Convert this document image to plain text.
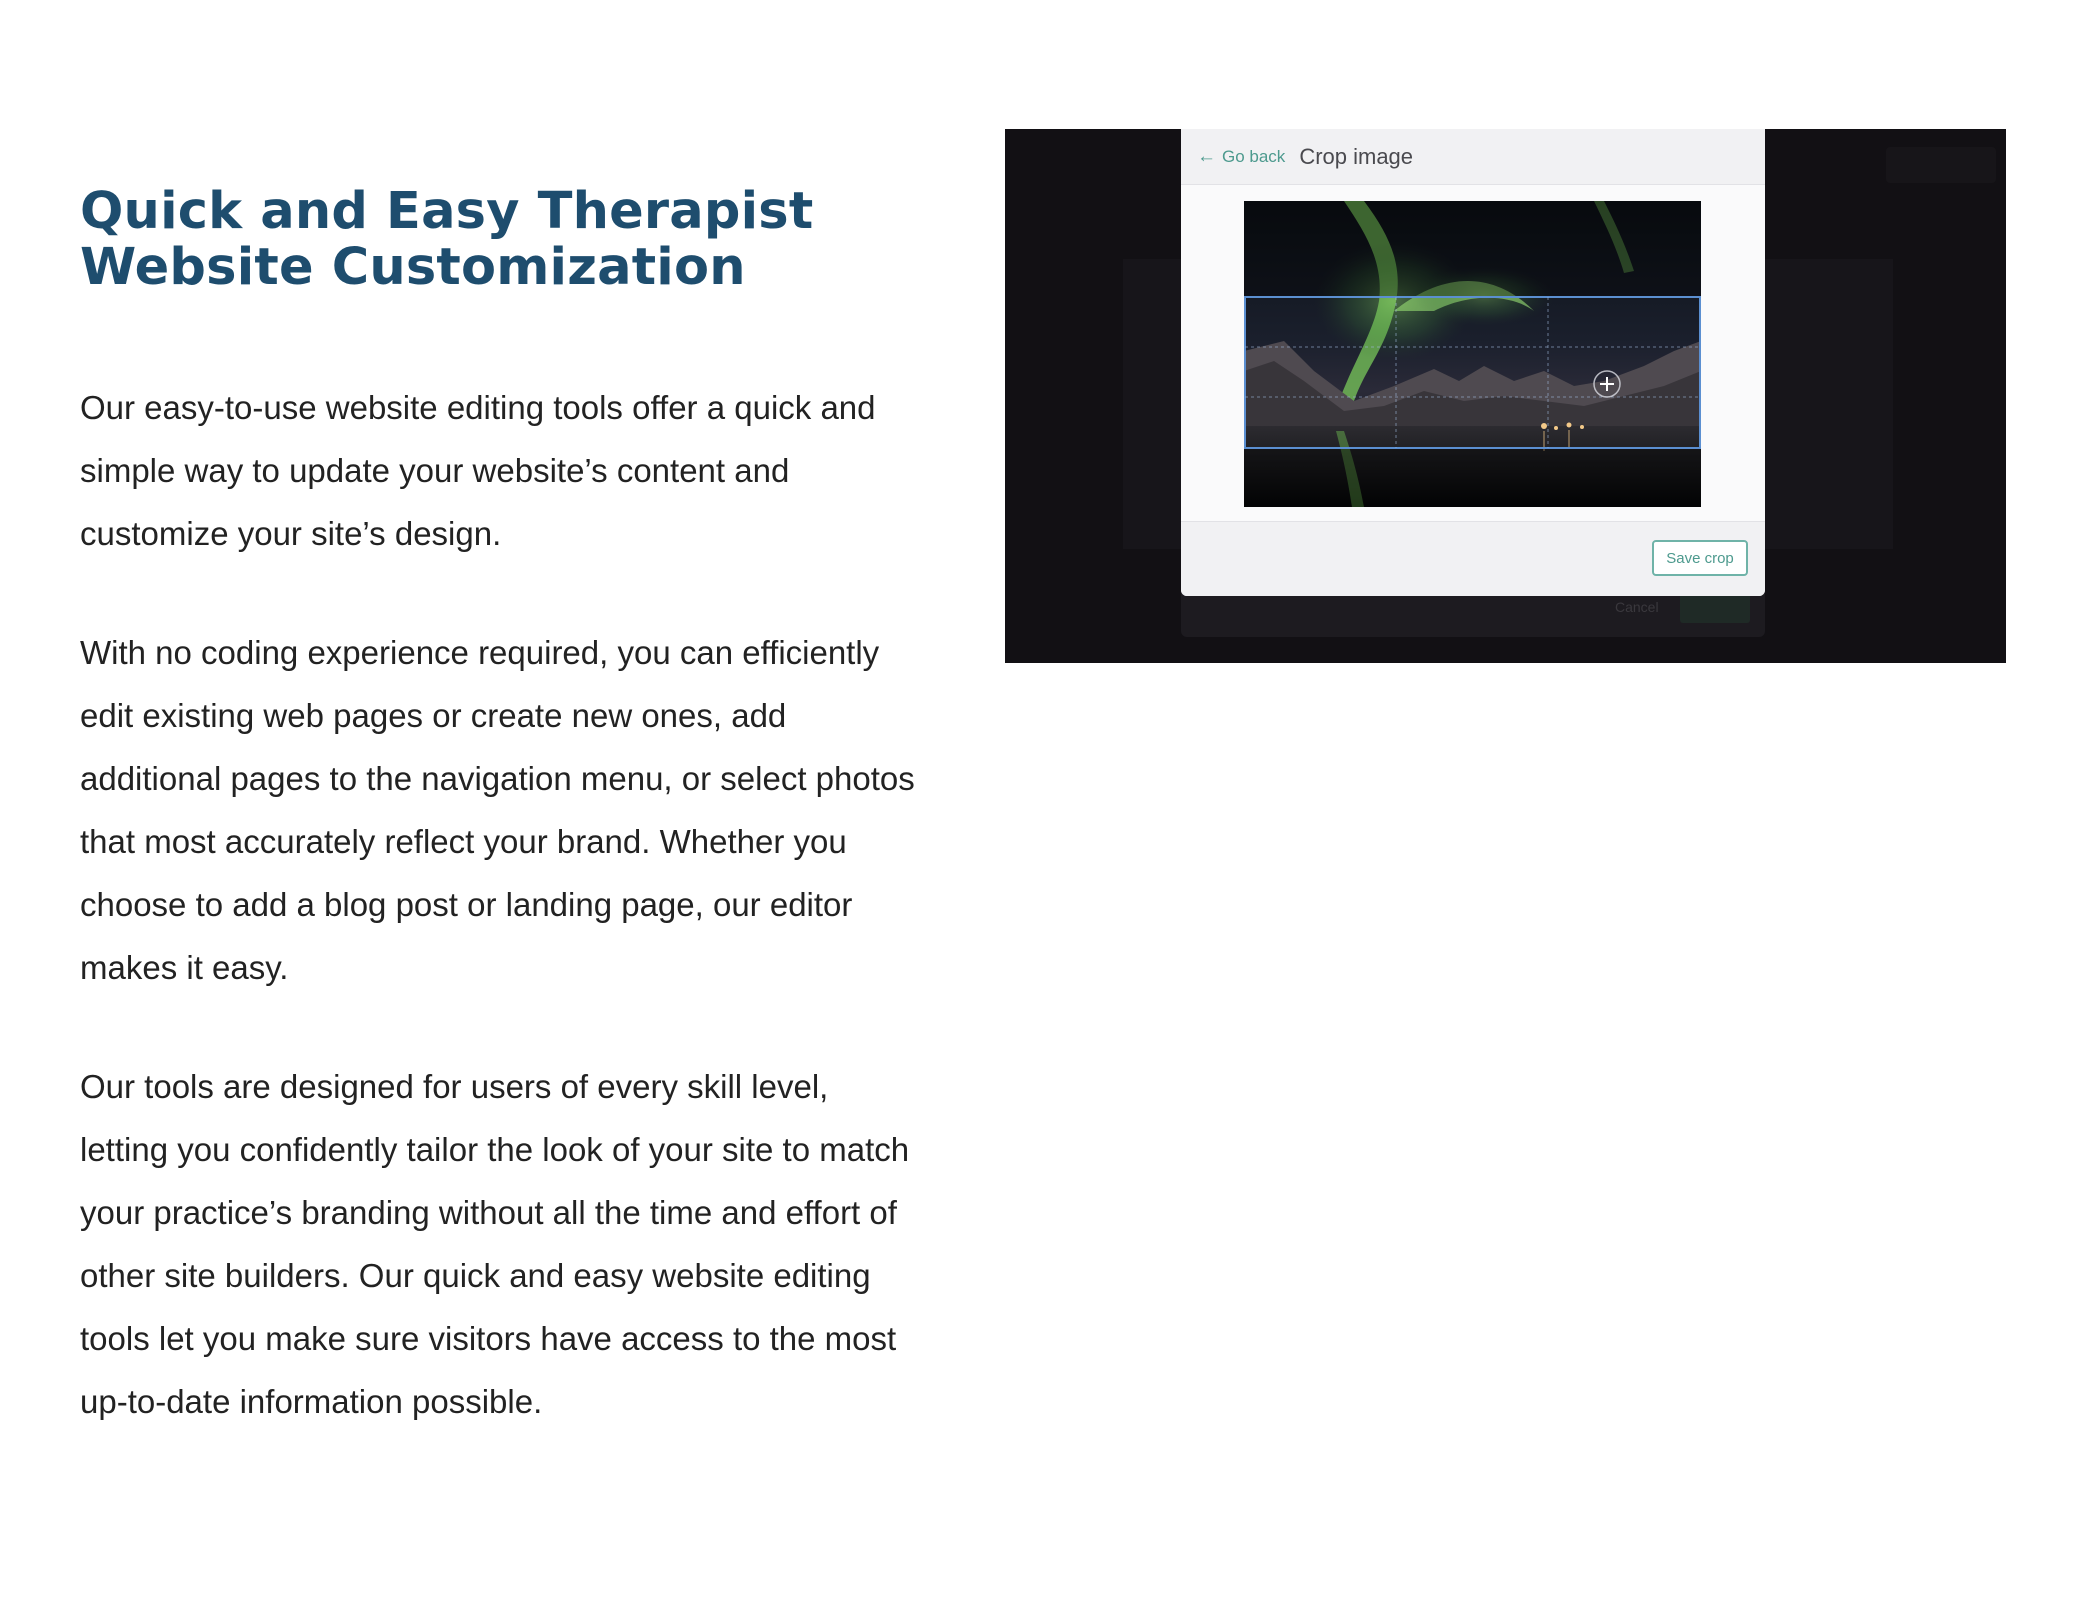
Quick and Easy Therapist
Website Customization

Our easy-to-use website editing tools offer a quick and simple way to update your website’s content and customize your site’s design.

With no coding experience required, you can efficiently edit existing web pages or create new ones, add additional pages to the navigation menu, or select photos that most accurately reflect your brand. Whether you choose to add a blog post or landing page, our editor makes it easy.

Our tools are designed for users of every skill level, letting you confidently tailor the look of your site to match your practice’s branding without all the time and effort of other site builders. Our quick and easy website editing tools let you make sure visitors have access to the most up-to-date information possible.

Cancel
← Go back Crop image
Save crop
